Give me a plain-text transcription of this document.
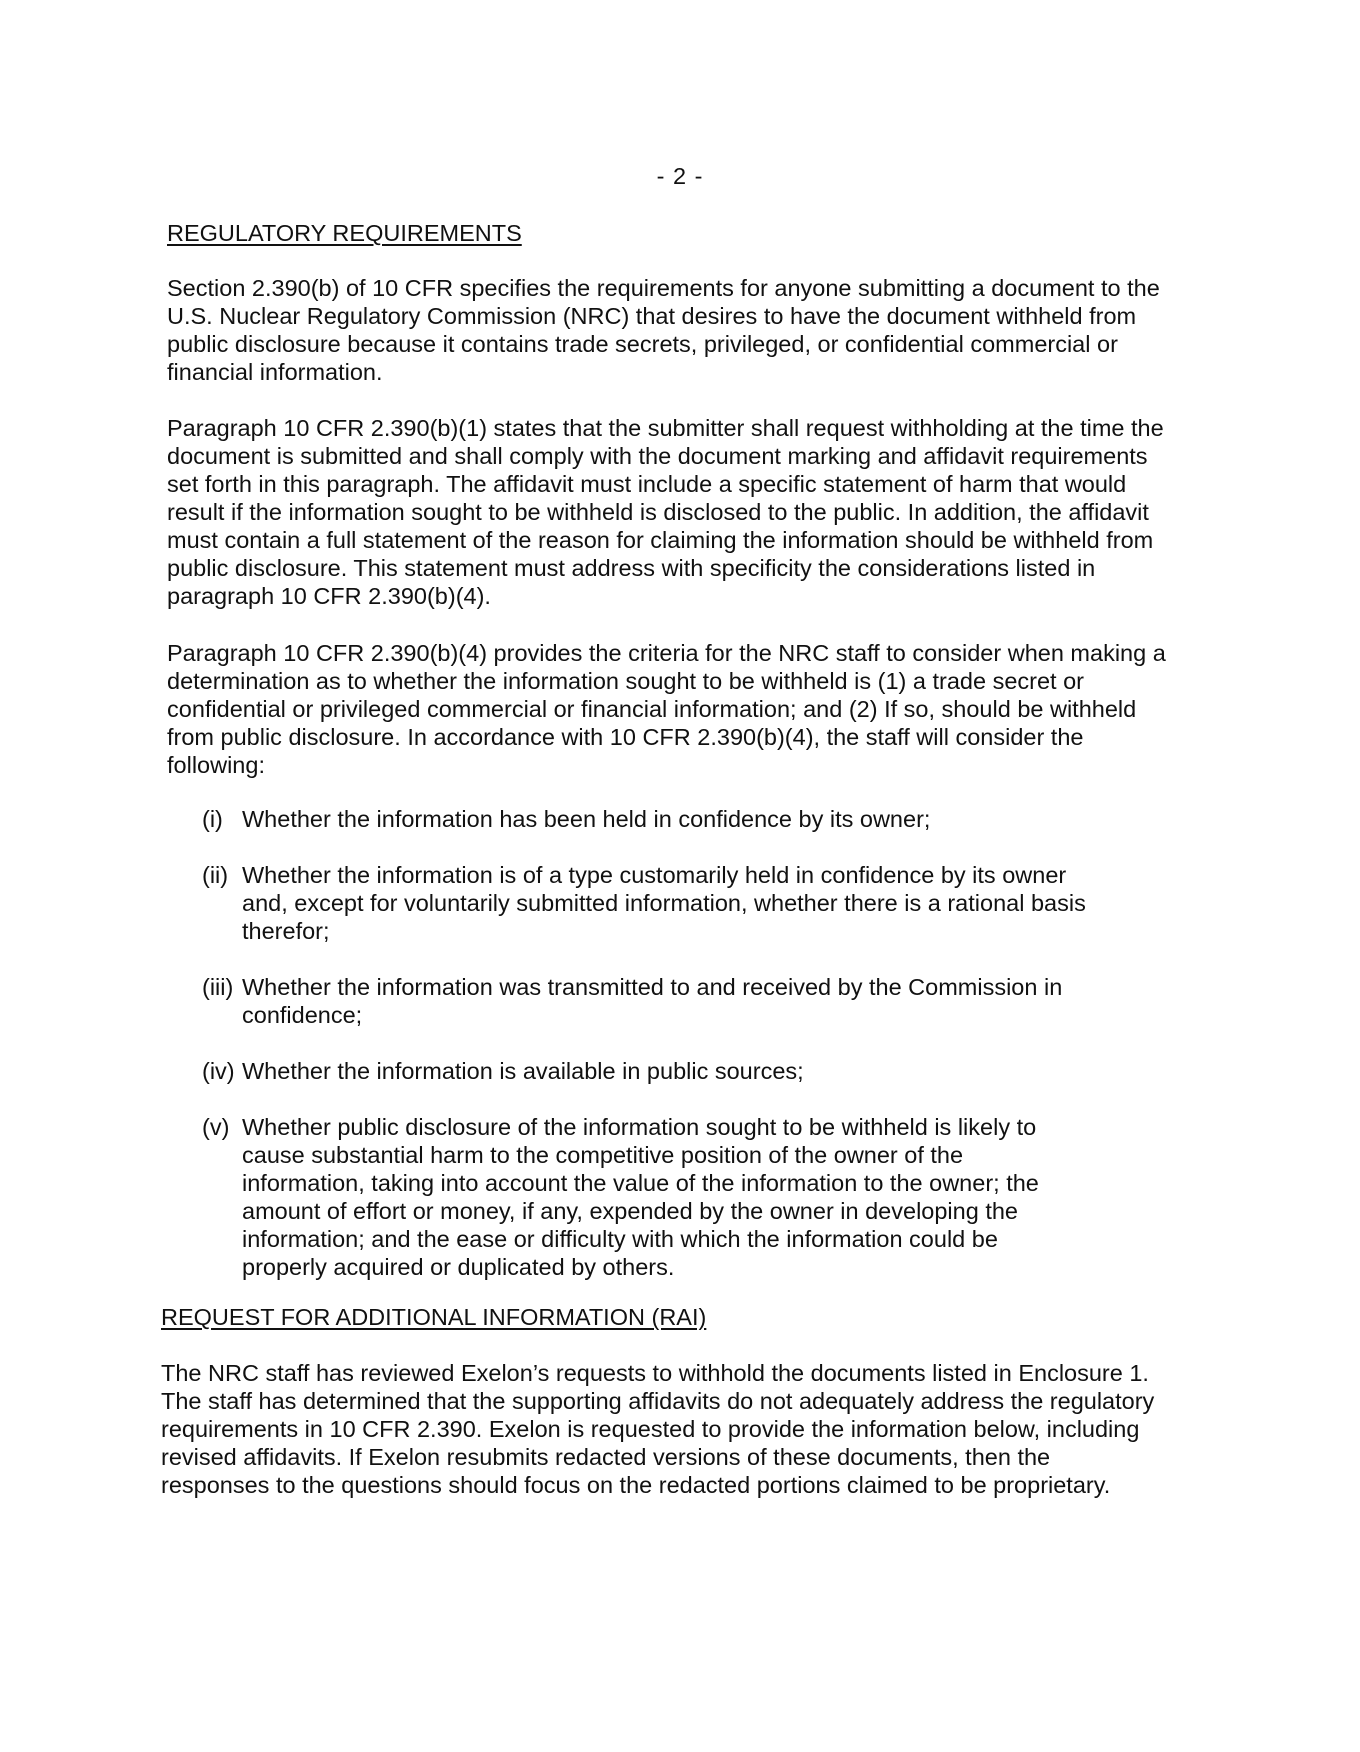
- 2 -
REGULATORY REQUIREMENTS
Section 2.390(b) of 10 CFR specifies the requirements for anyone submitting a document to the
U.S. Nuclear Regulatory Commission (NRC) that desires to have the document withheld from
public disclosure because it contains trade secrets, privileged, or confidential commercial or
financial information.
Paragraph 10 CFR 2.390(b)(1) states that the submitter shall request withholding at the time the
document is submitted and shall comply with the document marking and affidavit requirements
set forth in this paragraph. The affidavit must include a specific statement of harm that would
result if the information sought to be withheld is disclosed to the public. In addition, the affidavit
must contain a full statement of the reason for claiming the information should be withheld from
public disclosure. This statement must address with specificity the considerations listed in
paragraph 10 CFR 2.390(b)(4).
Paragraph 10 CFR 2.390(b)(4) provides the criteria for the NRC staff to consider when making a
determination as to whether the information sought to be withheld is (1) a trade secret or
confidential or privileged commercial or financial information; and (2) If so, should be withheld
from public disclosure. In accordance with 10 CFR 2.390(b)(4), the staff will consider the
following:
(i) Whether the information has been held in confidence by its owner;
(ii) Whether the information is of a type customarily held in confidence by its owner
and, except for voluntarily submitted information, whether there is a rational basis
therefor;
(iii) Whether the information was transmitted to and received by the Commission in
confidence;
(iv) Whether the information is available in public sources;
(v) Whether public disclosure of the information sought to be withheld is likely to
cause substantial harm to the competitive position of the owner of the
information, taking into account the value of the information to the owner; the
amount of effort or money, if any, expended by the owner in developing the
information; and the ease or difficulty with which the information could be
properly acquired or duplicated by others.
REQUEST FOR ADDITIONAL INFORMATION (RAI)
The NRC staff has reviewed Exelon’s requests to withhold the documents listed in Enclosure 1.
The staff has determined that the supporting affidavits do not adequately address the regulatory
requirements in 10 CFR 2.390. Exelon is requested to provide the information below, including
revised affidavits. If Exelon resubmits redacted versions of these documents, then the
responses to the questions should focus on the redacted portions claimed to be proprietary.
